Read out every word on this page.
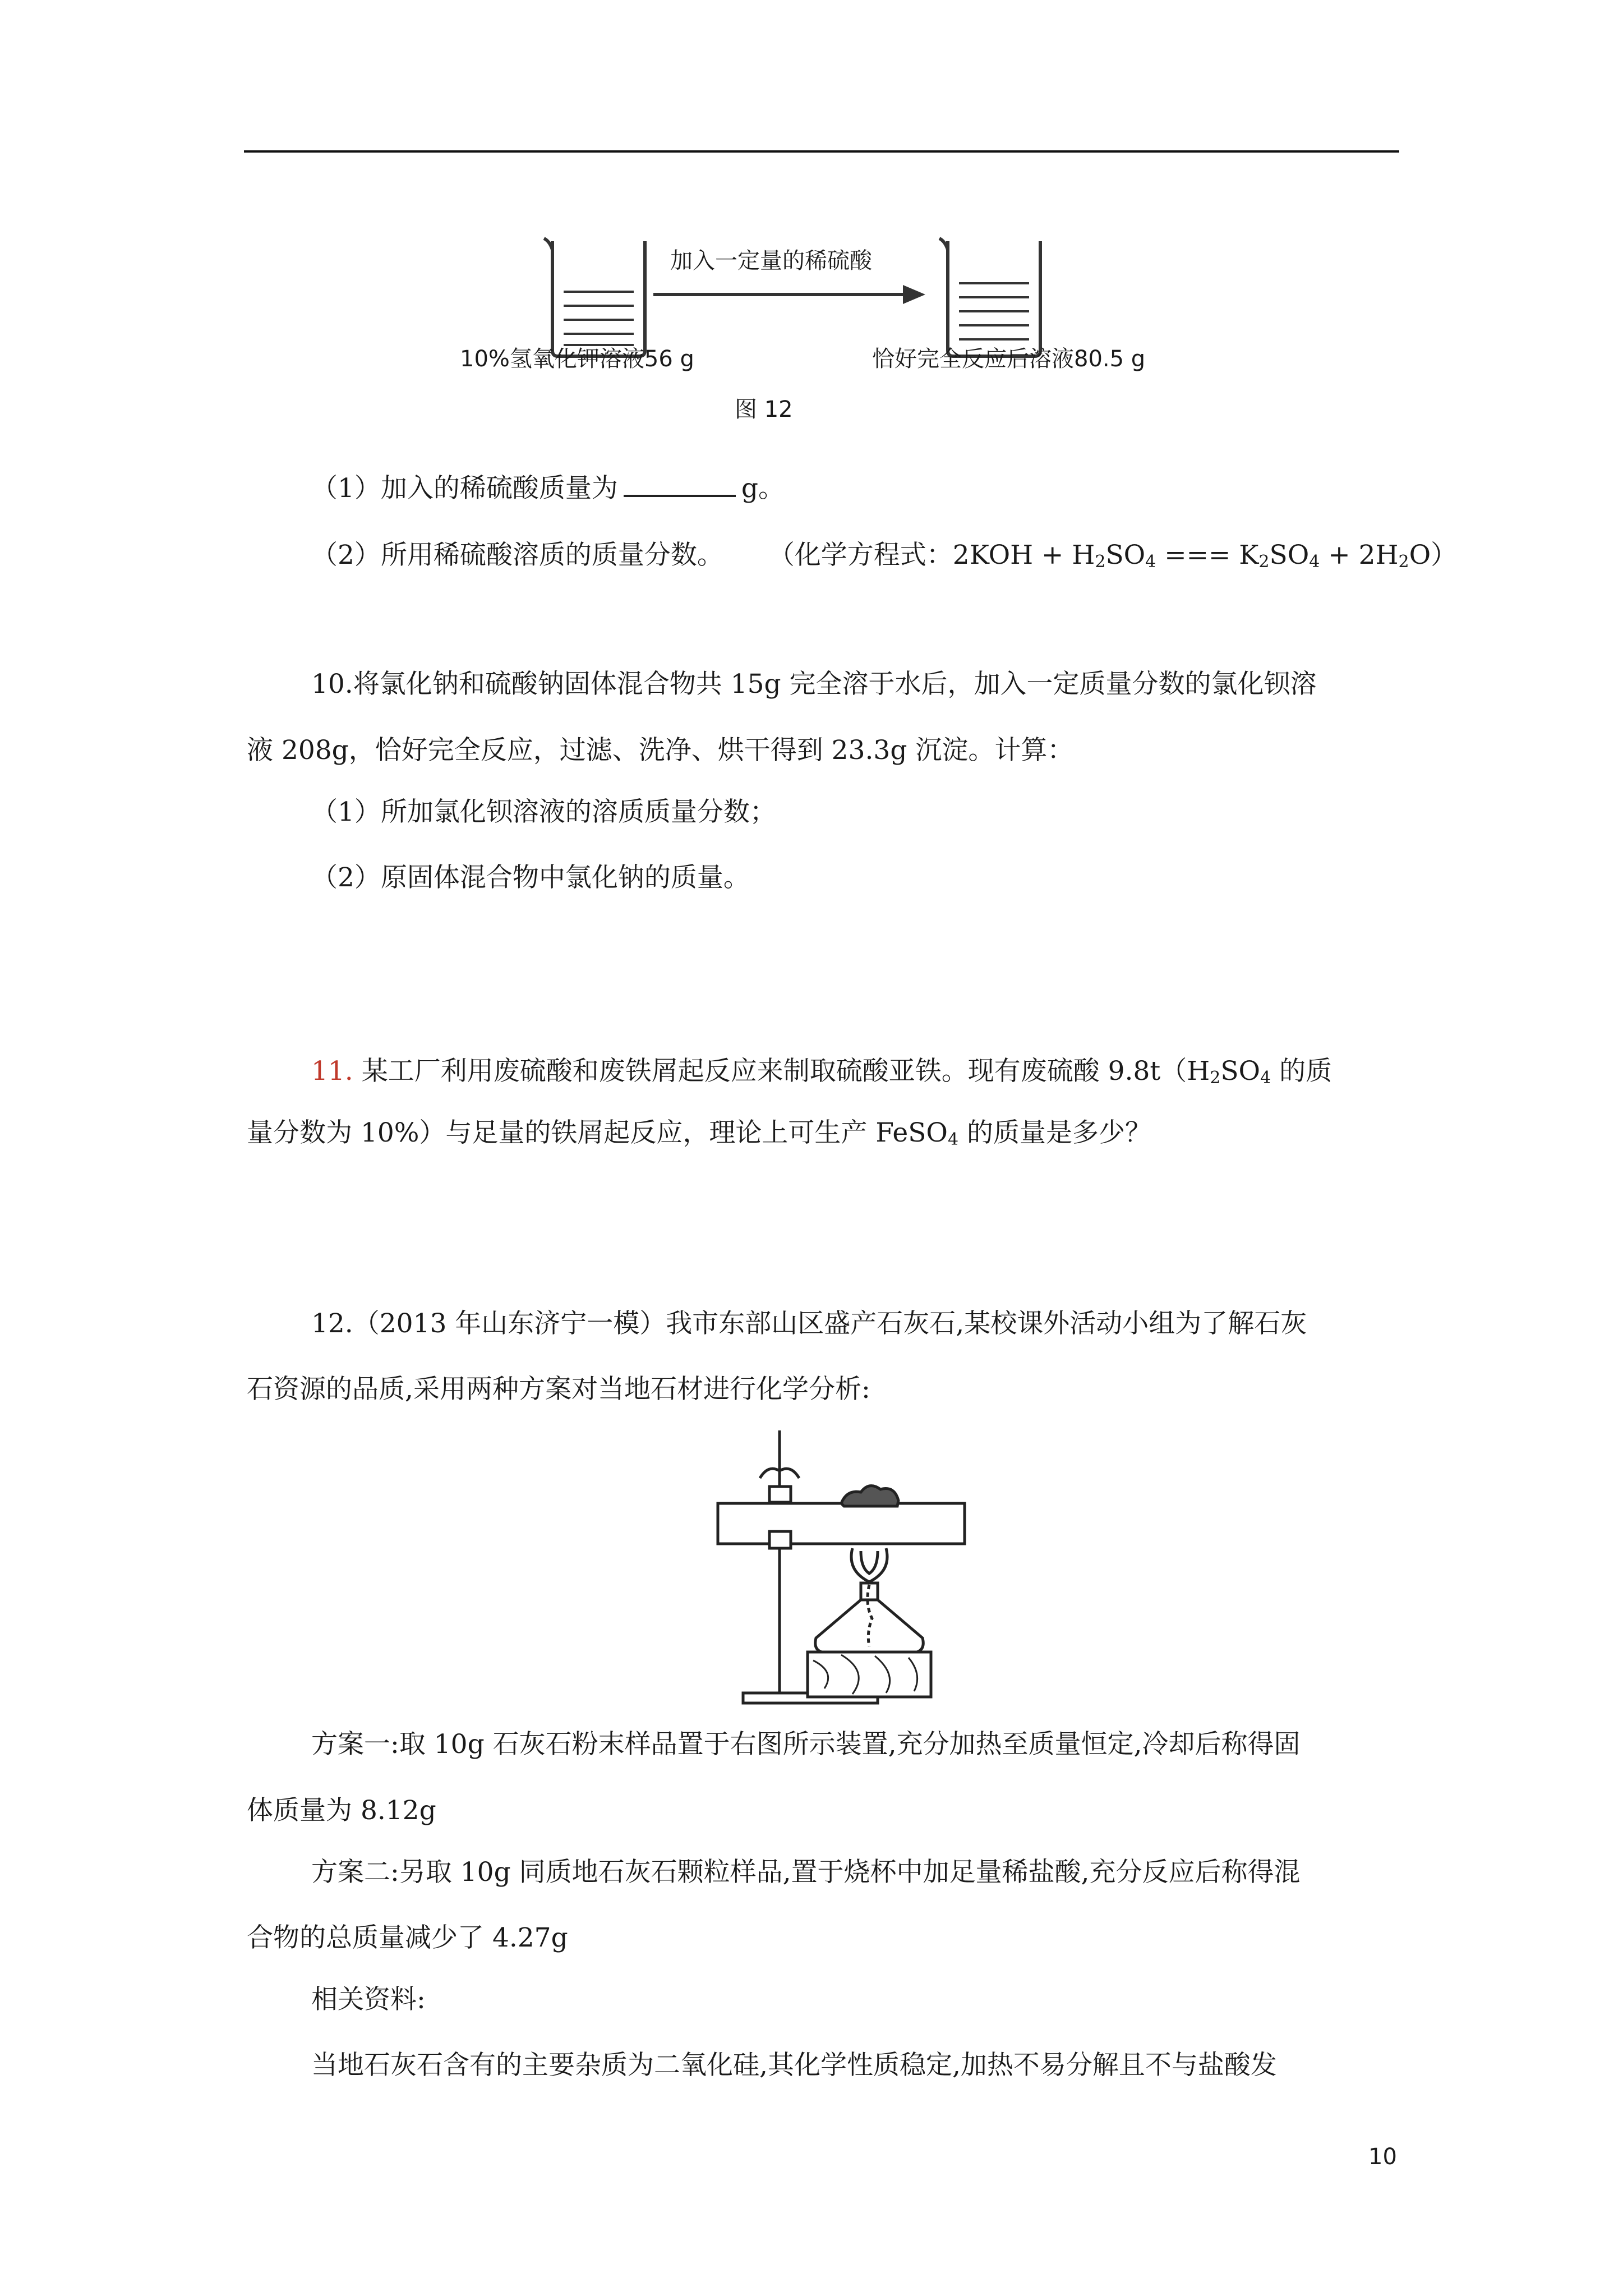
加入一定量的稀硫酸
10%氢氧化钾溶液56 g	恰好完全反应后溶液80.5 g
图 12
（1）加入的稀硫酸质量为	g。
（2）所用稀硫酸溶质的质量分数。 （化学方程式：$2KOH + H_2SO_4$ === $K_2SO_4 + 2H_2O$）
10.将氯化钠和硫酸钠固体混合物共 15g 完全溶于水后，加入一定质量分数的氯化钡溶
液 208g，恰好完全反应，过滤、洗净、烘干得到 23.3g 沉淀。计算：
（1）所加氯化钡溶液的溶质质量分数；
（2）原固体混合物中氯化钠的质量。
11. 某工厂利用废硫酸和废铁屑起反应来制取硫酸亚铁。现有废硫酸 $9.8t(H_2SO_4$ 的质
量分数为 10%）与足量的铁屑起反应，理论上可生产 FeSO$_4$ 的质量是多少？
12.（2013 年山东济宁一模）我市东部山区盛产石灰石,某校课外活动小组为了解石灰
石资源的品质,采用两种方案对当地石材进行化学分析:
方案一:取 10g 石灰石粉末样品置于右图所示装置,充分加热至质量恒定,冷却后称得固
体质量为 8.12g
方案二:另取 10g 同质地石灰石颗粒样品,置于烧杯中加足量稀盐酸,充分反应后称得混
合物的总质量减少了 4.27g
相关资料:
当地石灰石含有的主要杂质为二氧化硅,其化学性质稳定,加热不易分解且不与盐酸发
10
